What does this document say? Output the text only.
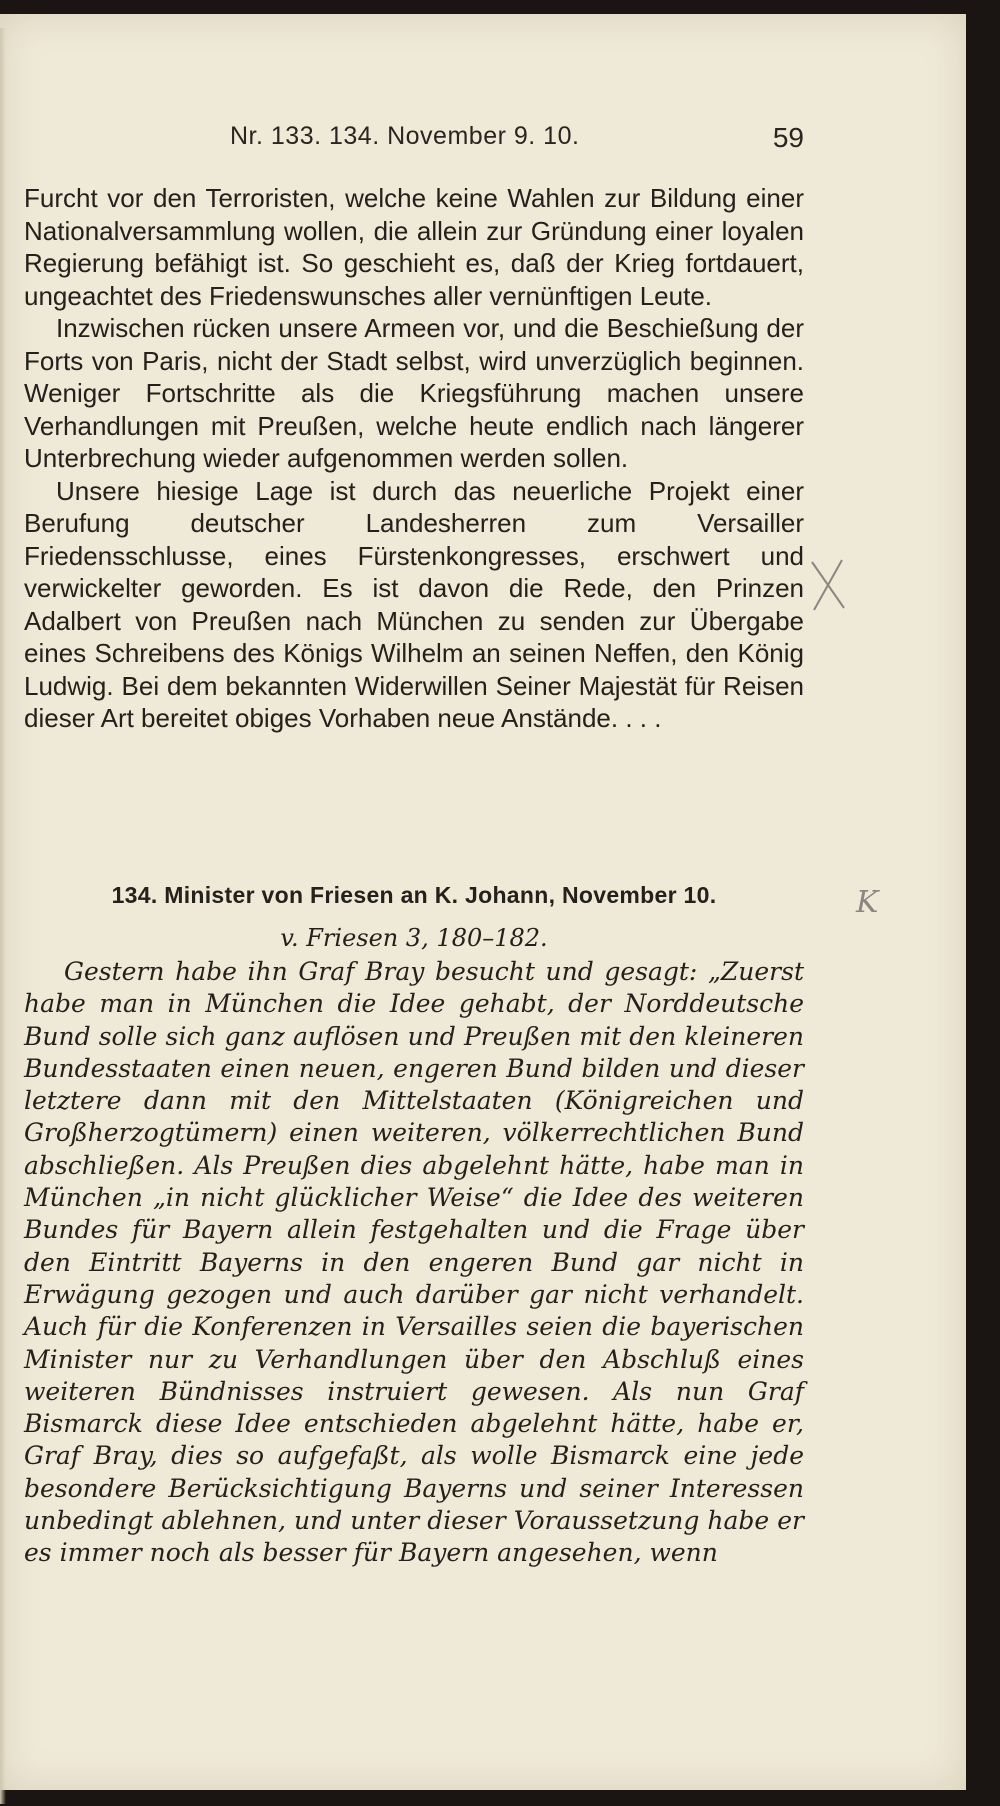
Nr. 133. 134. November 9. 10.	59

Furcht vor den Terroristen, welche keine Wahlen zur Bildung einer Nationalversammlung wollen, die allein zur Gründung einer loyalen Regierung befähigt ist. So geschieht es, daß der Krieg fortdauert, ungeachtet des Friedenswunsches aller vernünftigen Leute.

Inzwischen rücken unsere Armeen vor, und die Beschießung der Forts von Paris, nicht der Stadt selbst, wird unverzüglich beginnen. Weniger Fortschritte als die Kriegsführung machen unsere Verhandlungen mit Preußen, welche heute endlich nach längerer Unterbrechung wieder aufgenommen werden sollen.

Unsere hiesige Lage ist durch das neuerliche Projekt einer Berufung deutscher Landesherren zum Versailler Friedensschlusse, eines Fürstenkongresses, erschwert und verwickelter geworden. Es ist davon die Rede, den Prinzen Adalbert von Preußen nach München zu senden zur Übergabe eines Schreibens des Königs Wilhelm an seinen Neffen, den König Ludwig. Bei dem bekannten Widerwillen Seiner Majestät für Reisen dieser Art bereitet obiges Vorhaben neue Anstände. . . .

134. Minister von Friesen an K. Johann, November 10.
v. Friesen 3, 180–182.
K

Gestern habe ihn Graf Bray besucht und gesagt: „Zuerst habe man in München die Idee gehabt, der Norddeutsche Bund solle sich ganz auflösen und Preußen mit den kleineren Bundesstaaten einen neuen, engeren Bund bilden und dieser letztere dann mit den Mittelstaaten (Königreichen und Großherzogtümern) einen weiteren, völkerrechtlichen Bund abschließen. Als Preußen dies abgelehnt hätte, habe man in München „in nicht glücklicher Weise“ die Idee des weiteren Bundes für Bayern allein festgehalten und die Frage über den Eintritt Bayerns in den engeren Bund gar nicht in Erwägung gezogen und auch darüber gar nicht verhandelt. Auch für die Konferenzen in Versailles seien die bayerischen Minister nur zu Verhandlungen über den Abschluß eines weiteren Bündnisses instruiert gewesen. Als nun Graf Bismarck diese Idee entschieden abgelehnt hätte, habe er, Graf Bray, dies so aufgefaßt, als wolle Bismarck eine jede besondere Berücksichtigung Bayerns und seiner Interessen unbedingt ablehnen, und unter dieser Voraussetzung habe er es immer noch als besser für Bayern angesehen, wenn
